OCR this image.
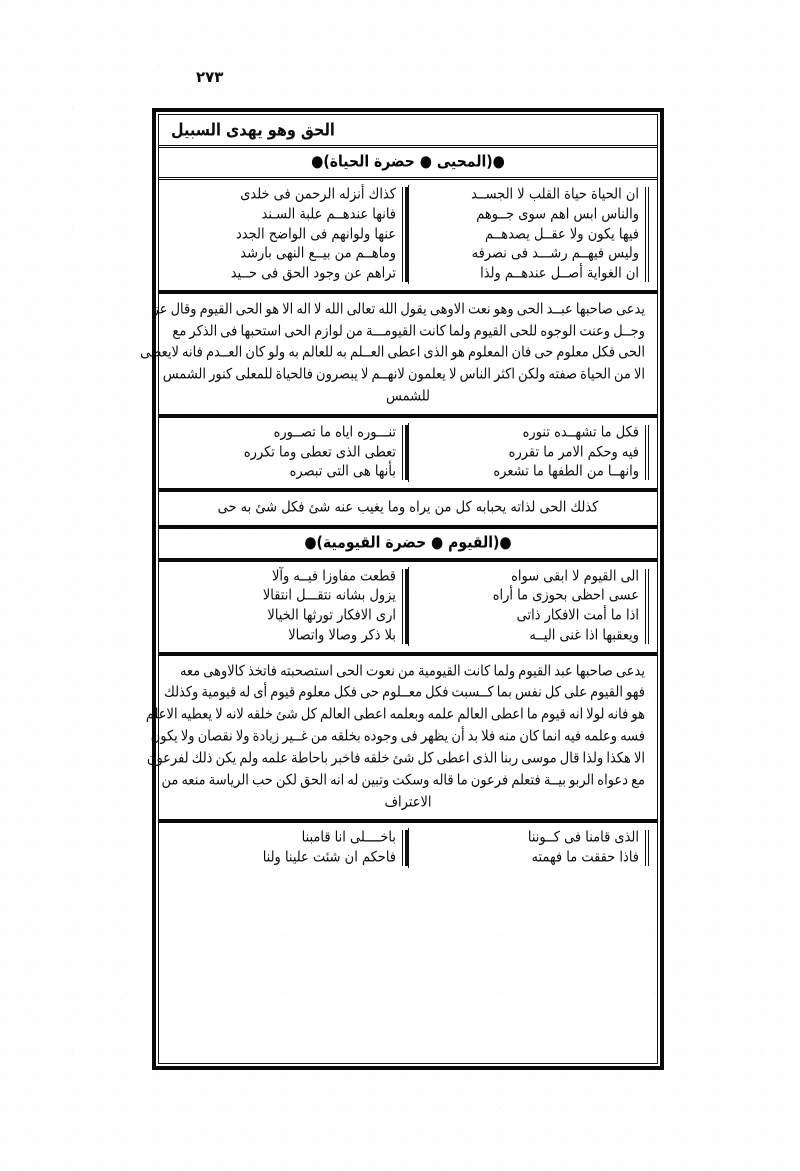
٢٧٣
الحق وهو يهدى السبيل
●(المحيى ● حضرة الحياة)●
ان الحياة حياة القلب لا الجســد
والناس ابس اهم سوى جــوهم
فيها يكون ولا عقــل يصدهــم
وليس فيهــم رشـــد فى نصرفه
ان الغواية أصــل عندهــم ولذا
كذاك أنزله الرحمن فى خلدى
فانها عندهــم علبة السـند
عنها ولوانهم فى الواضح الجدد
وماهــم من بيــع النهى بارشد
تراهم عن وجود الحق فى حــيد
يدعى صاحبها عبــد الحى وهو نعت الاوهى يقول الله تعالى الله لا اله الا هو الحى القيوم وقال عز
وجــل وعنت الوجوه للحى القيوم ولما كانت القيومـــة من لوازم الحى استحبها فى الذكر مع
الحى فكل معلوم حى فان المعلوم هو الذى اعطى العــلم به للعالم به ولو كان العــدم فانه لايعطى
الا من الحياة صفته ولكن اكثر الناس لا يعلمون لانهــم لا يبصرون فالحياة للمعلى كنور الشمس
للشمس
فكل ما تشهــده تنوره
فيه وحكم الامر ما تقرره
وانهــا من الطفها ما تشعره
تنـــوره اياه ما تصــوره
تعطى الذى تعطى وما تكرره
بأنها هى التى تبصره
كذلك الحى لذاته يحبابه كل من يراه وما يغيب عنه شئ فكل شئ به حى
●(القيوم ● حضرة القيومية)●
الى القيوم لا ابقى سواه
عسى احظى بحوزى ما أراه
اذا ما أمت الافكار ذاتى
ويعقبها اذا غنى اليــه
قطعت مفاوزا فيــه وآلا
يزول بشانه نتقـــل انتقالا
ارى الافكار تورثها الخيالا
بلا ذكر وصالا واتصالا
يدعى صاحبها عبد القيوم ولما كانت القيومية من نعوت الحى استصحبته فاتخذ كالاوهى معه
فهو القيوم على كل نفس بما كــسبت فكل معــلوم حى فكل معلوم قيوم أى له قيومية وكذلك
هو فانه لولا انه قيوم ما اعطى العالم علمه وبعلمه اعطى العالم كل شئ خلقه لانه لا يعطيه الاعلم
فسه وعلمه فيه انما كان منه فلا بد أن يظهر فى وجوده بخلقه من غــير زيادة ولا نقصان ولا يكون
الا هكذا ولذا قال موسى ربنا الذى اعطى كل شئ خلقه فاخبر باحاطة علمه ولم يكن ذلك لفرعون
مع دعواه الربو بيــة فتعلم فرعون ما قاله وسكت وتبين له انه الحق لكن حب الرياسة منعه من
الاعتراف
الذى قامنا فى كــوننا
فاذا حققت ما فهمته
باخــــلى انا قامبنا
فاحكم ان شئت علينا ولنا
